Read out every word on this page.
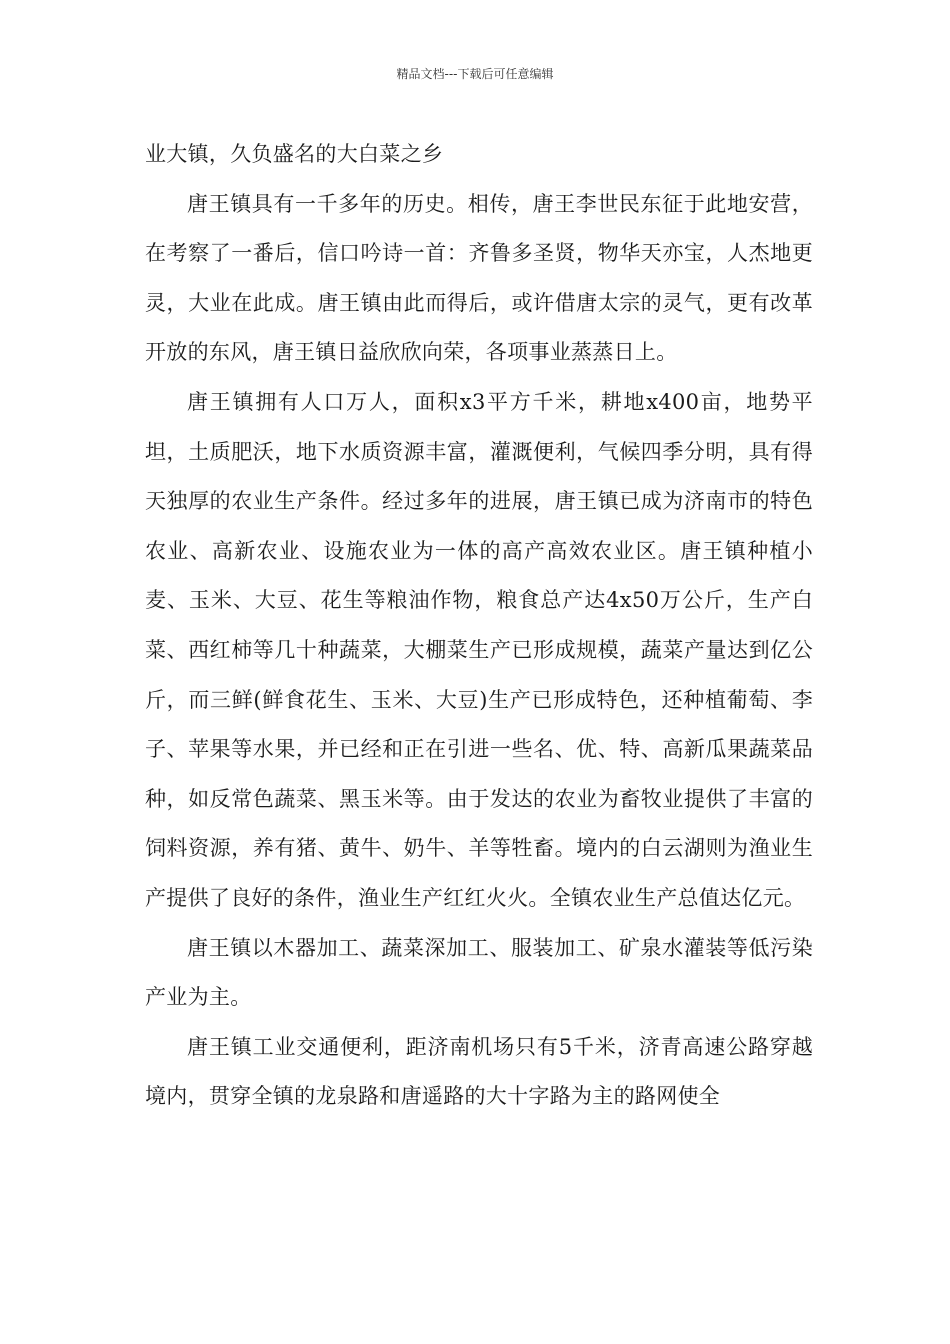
精品文档---下载后可任意编辑

业大镇，久负盛名的大白菜之乡

唐王镇具有一千多年的历史。相传，唐王李世民东征于此地安营，在考察了一番后，信口吟诗一首：齐鲁多圣贤，物华天亦宝，人杰地更灵，大业在此成。唐王镇由此而得后，或许借唐太宗的灵气，更有改革开放的东风，唐王镇日益欣欣向荣，各项事业蒸蒸日上。

唐王镇拥有人口万人，面积x3平方千米，耕地x400亩，地势平坦，土质肥沃，地下水质资源丰富，灌溉便利，气候四季分明，具有得天独厚的农业生产条件。经过多年的进展，唐王镇已成为济南市的特色农业、高新农业、设施农业为一体的高产高效农业区。唐王镇种植小麦、玉米、大豆、花生等粮油作物，粮食总产达4x50万公斤，生产白菜、西红柿等几十种蔬菜，大棚菜生产已形成规模，蔬菜产量达到亿公斤，而三鲜(鲜食花生、玉米、大豆)生产已形成特色，还种植葡萄、李子、苹果等水果，并已经和正在引进一些名、优、特、高新瓜果蔬菜品种，如反常色蔬菜、黑玉米等。由于发达的农业为畜牧业提供了丰富的饲料资源，养有猪、黄牛、奶牛、羊等牲畜。境内的白云湖则为渔业生产提供了良好的条件，渔业生产红红火火。全镇农业生产总值达亿元。

唐王镇以木器加工、蔬菜深加工、服装加工、矿泉水灌装等低污染产业为主。

唐王镇工业交通便利，距济南机场只有5千米，济青高速公路穿越境内，贯穿全镇的龙泉路和唐遥路的大十字路为主的路网使全
